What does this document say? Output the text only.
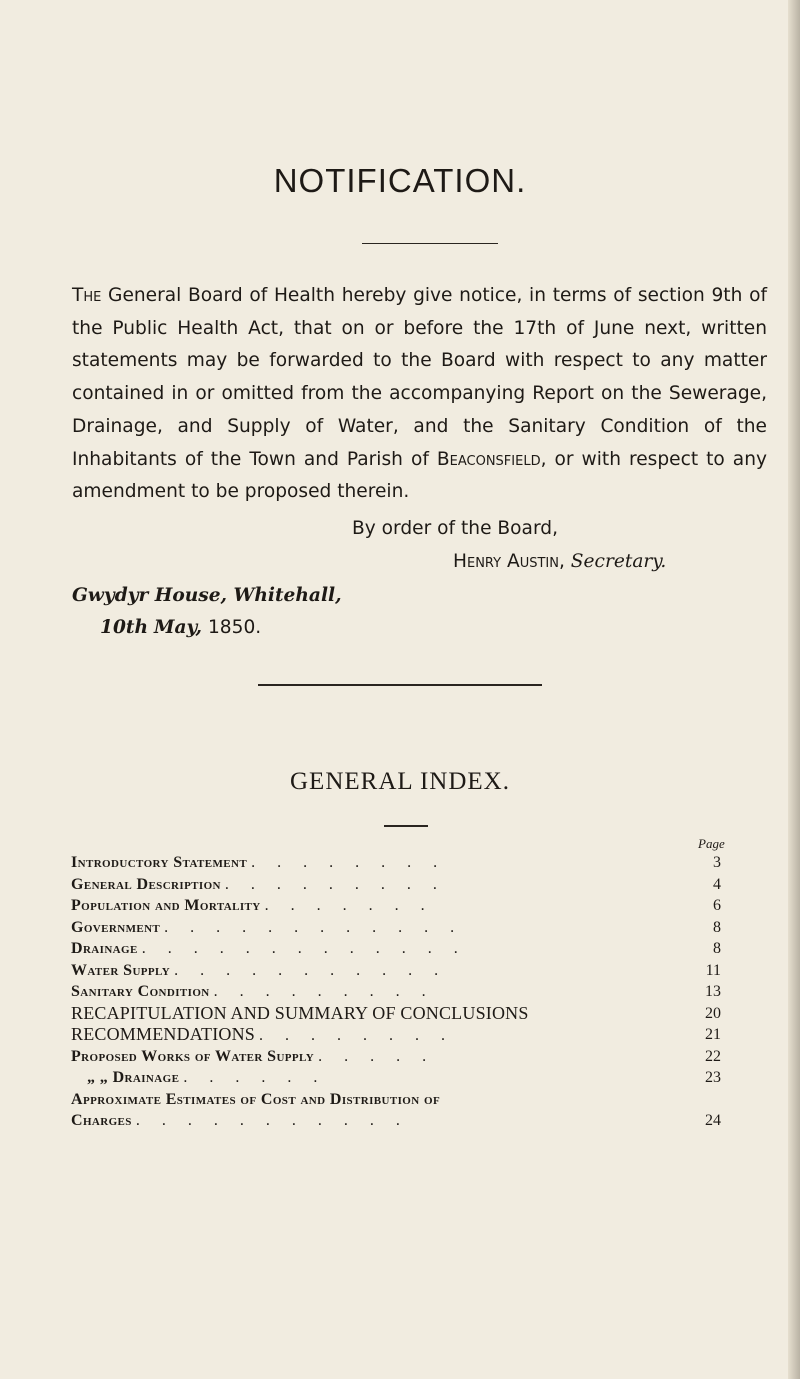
NOTIFICATION.
The General Board of Health hereby give notice, in terms of section 9th of the Public Health Act, that on or before the 17th of June next, written statements may be forwarded to the Board with respect to any matter contained in or omitted from the accompanying Report on the Sewerage, Drainage, and Supply of Water, and the Sanitary Condition of the Inhabitants of the Town and Parish of Beaconsfield, or with respect to any amendment to be proposed therein.
By order of the Board,
Henry Austin, Secretary.
Gwydyr House, Whitehall,
10th May, 1850.
GENERAL INDEX.
Page
Introductory Statement . . . . . . . .	3
General Description . . . . . . . . .	4
Population and Mortality . . . . . . .	6
Government . . . . . . . . . . . .	8
Drainage . . . . . . . . . . . . .	8
Water Supply . . . . . . . . . . .	11
Sanitary Condition . . . . . . . . .	13
RECAPITULATION AND SUMMARY OF CONCLUSIONS	20
RECOMMENDATIONS . . . . . . . .	21
Proposed Works of Water Supply . . . . .	22
„ „ Drainage . . . . . .	23
Approximate Estimates of Cost and Distribution of
Charges . . . . . . . . . . .	24
